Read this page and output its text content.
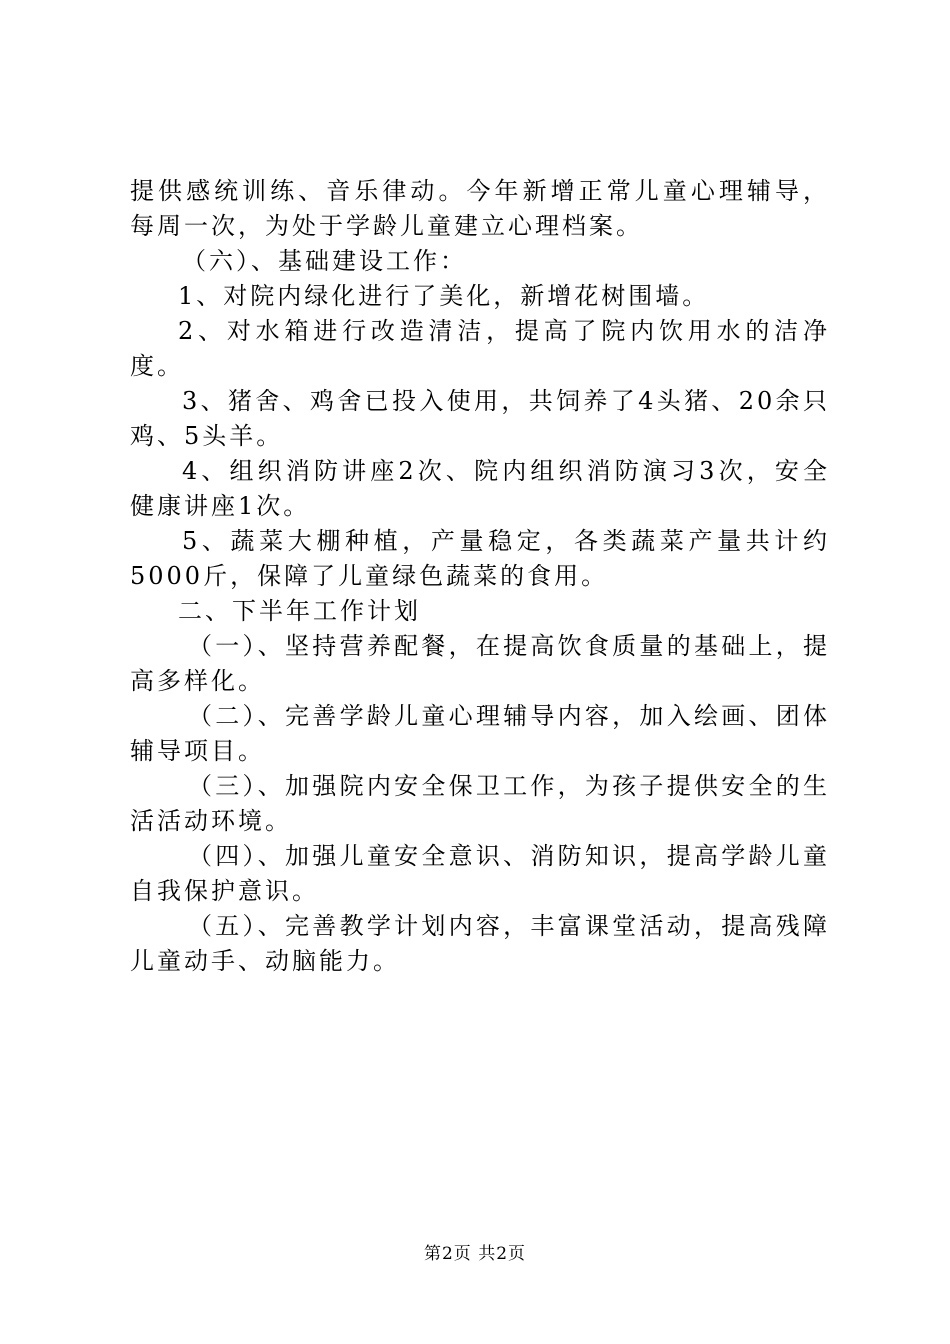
提供感统训练、音乐律动。今年新增正常儿童心理辅导，每周一次，为处于学龄儿童建立心理档案。

（六）、基础建设工作：

1、对院内绿化进行了美化，新增花树围墙。

2、对水箱进行改造清洁，提高了院内饮用水的洁净度。

3、猪舍、鸡舍已投入使用，共饲养了4头猪、20余只鸡、5头羊。

4、组织消防讲座2次、院内组织消防演习3次，安全健康讲座1次。

5、蔬菜大棚种植，产量稳定，各类蔬菜产量共计约5000斤，保障了儿童绿色蔬菜的食用。

二、下半年工作计划

（一）、坚持营养配餐，在提高饮食质量的基础上，提高多样化。

（二）、完善学龄儿童心理辅导内容，加入绘画、团体辅导项目。

（三）、加强院内安全保卫工作，为孩子提供安全的生活活动环境。

（四）、加强儿童安全意识、消防知识，提高学龄儿童自我保护意识。

（五）、完善教学计划内容，丰富课堂活动，提高残障儿童动手、动脑能力。

第2页 共2页
